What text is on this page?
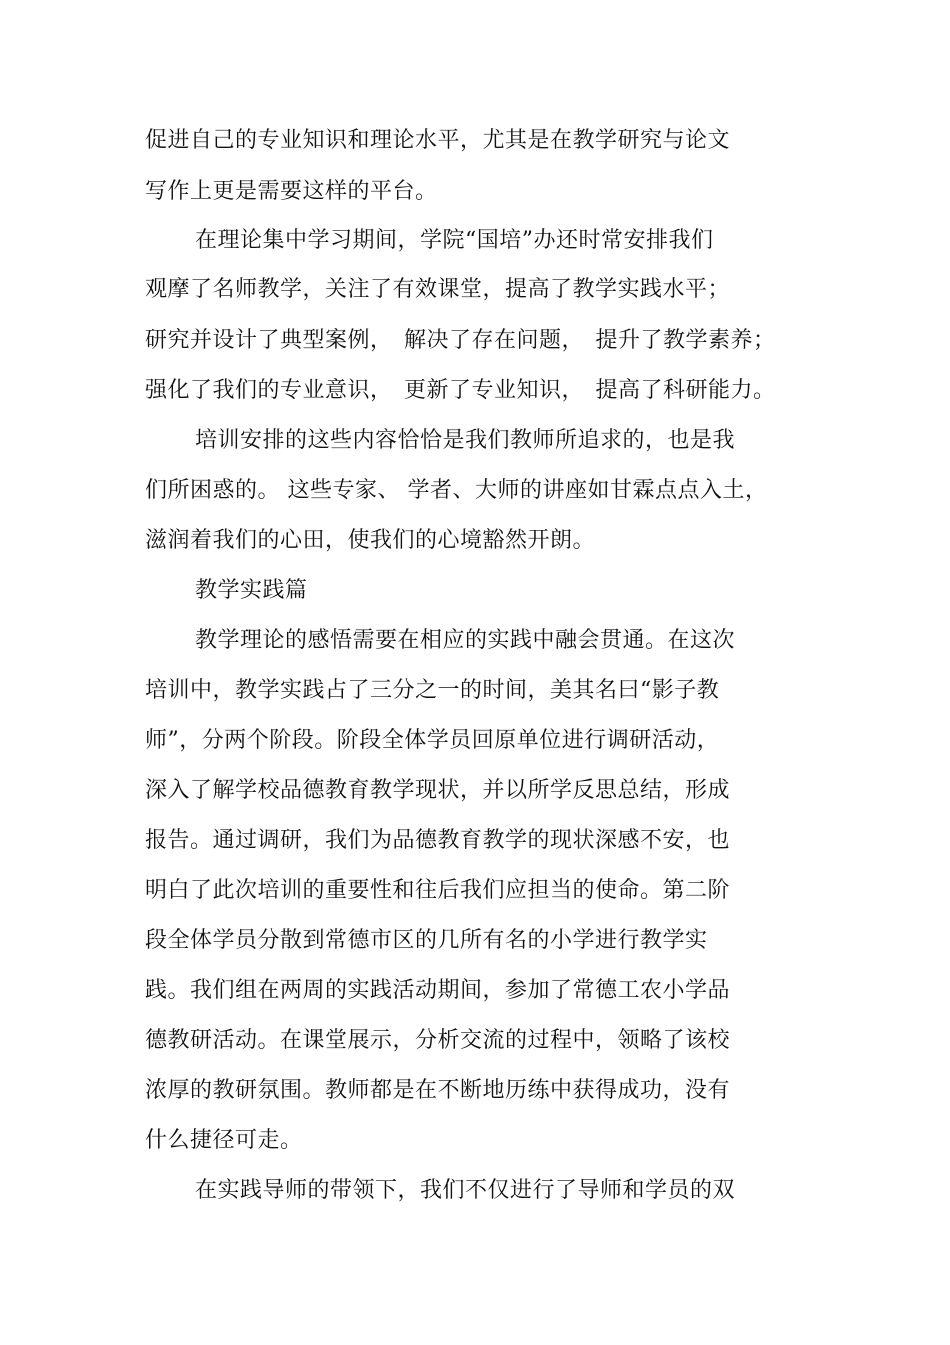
促进自己的专业知识和理论水平，尤其是在教学研究与论文
写作上更是需要这样的平台。
在理论集中学习期间，学院“国培”办还时常安排我们
观摩了名师教学，关注了有效课堂，提高了教学实践水平；
研究并设计了典型案例，　解决了存在问题，　提升了教学素养；
强化了我们的专业意识，　更新了专业知识，　提高了科研能力。
培训安排的这些内容恰恰是我们教师所追求的，也是我
们所困惑的。 这些专家、 学者、大师的讲座如甘霖点点入土，
滋润着我们的心田，使我们的心境豁然开朗。
教学实践篇
教学理论的感悟需要在相应的实践中融会贯通。在这次
培训中，教学实践占了三分之一的时间，美其名曰“影子教
师”，分两个阶段。阶段全体学员回原单位进行调研活动，
深入了解学校品德教育教学现状，并以所学反思总结，形成
报告。通过调研，我们为品德教育教学的现状深感不安，也
明白了此次培训的重要性和往后我们应担当的使命。第二阶
段全体学员分散到常德市区的几所有名的小学进行教学实
践。我们组在两周的实践活动期间，参加了常德工农小学品
德教研活动。在课堂展示，分析交流的过程中，领略了该校
浓厚的教研氛围。教师都是在不断地历练中获得成功，没有
什么捷径可走。
在实践导师的带领下，我们不仅进行了导师和学员的双
